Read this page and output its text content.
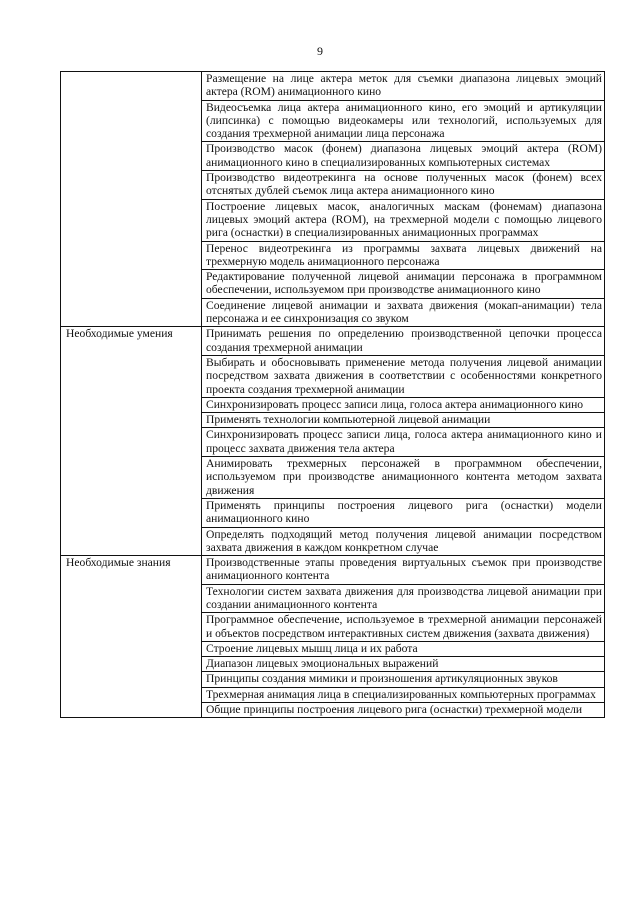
9
	Размещение на лице актера меток для съемки диапазона лицевых эмоций актера (ROM) анимационного кино
	Видеосъемка лица актера анимационного кино, его эмоций и артикуляции (липсинка) с помощью видеокамеры или технологий, используемых для создания трехмерной анимации лица персонажа
	Производство масок (фонем) диапазона лицевых эмоций актера (ROM) анимационного кино в специализированных компьютерных системах
	Производство видеотрекинга на основе полученных масок (фонем) всех отснятых дублей съемок лица актера анимационного кино
	Построение лицевых масок, аналогичных маскам (фонемам) диапазона лицевых эмоций актера (ROM), на трехмерной модели с помощью лицевого рига (оснастки) в специализированных анимационных программах
	Перенос видеотрекинга из программы захвата лицевых движений на трехмерную модель анимационного персонажа
	Редактирование полученной лицевой анимации персонажа в программном обеспечении, используемом при производстве анимационного кино
	Соединение лицевой анимации и захвата движения (мокап-анимации) тела персонажа и ее синхронизация со звуком
Необходимые умения	Принимать решения по определению производственной цепочки процесса создания трехмерной анимации
	Выбирать и обосновывать применение метода получения лицевой анимации посредством захвата движения в соответствии с особенностями конкретного проекта создания трехмерной анимации
	Синхронизировать процесс записи лица, голоса актера анимационного кино
	Применять технологии компьютерной лицевой анимации
	Синхронизировать процесс записи лица, голоса актера анимационного кино и процесс захвата движения тела актера
	Анимировать трехмерных персонажей в программном обеспечении, используемом при производстве анимационного контента методом захвата движения
	Применять принципы построения лицевого рига (оснастки) модели анимационного кино
	Определять подходящий метод получения лицевой анимации посредством захвата движения в каждом конкретном случае
Необходимые знания	Производственные этапы проведения виртуальных съемок при производстве анимационного контента
	Технологии систем захвата движения для производства лицевой анимации при создании анимационного контента
	Программное обеспечение, используемое в трехмерной анимации персонажей и объектов посредством интерактивных систем движения (захвата движения)
	Строение лицевых мышц лица и их работа
	Диапазон лицевых эмоциональных выражений
	Принципы создания мимики и произношения артикуляционных звуков
	Трехмерная анимация лица в специализированных компьютерных программах
	Общие принципы построения лицевого рига (оснастки) трехмерной модели
